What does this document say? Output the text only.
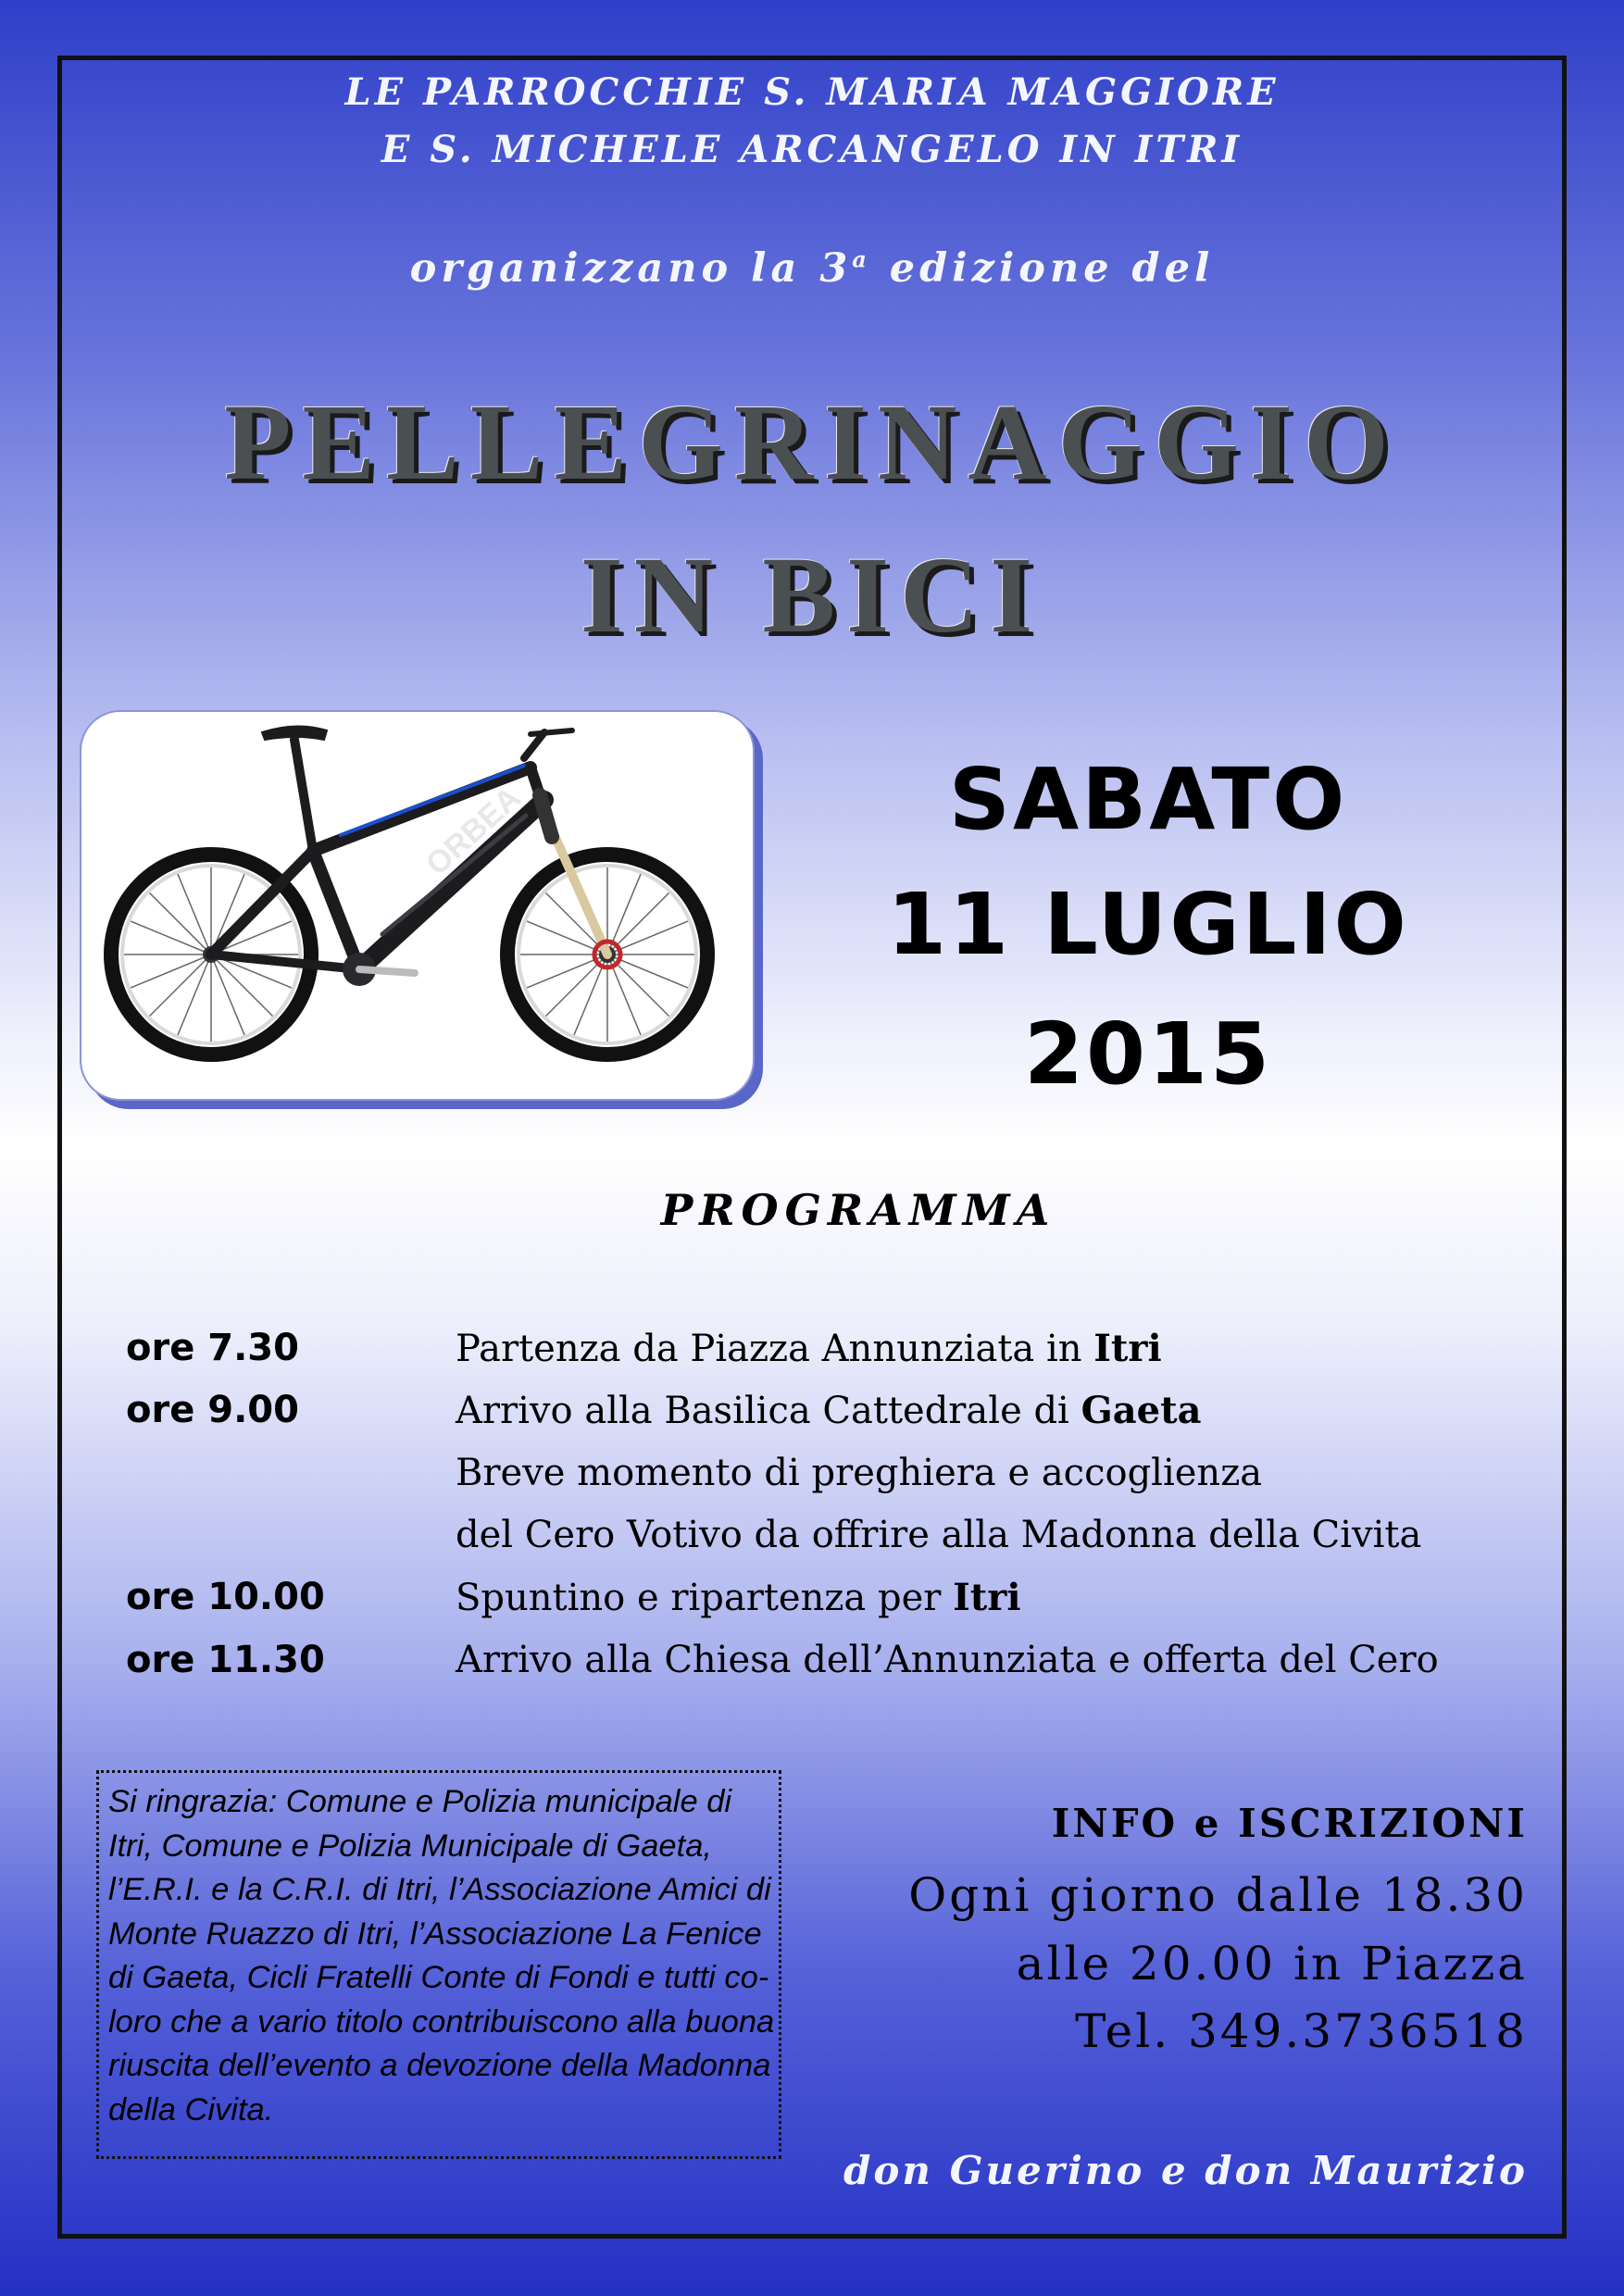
LE PARROCCHIE S. MARIA MAGGIORE
E S. MICHELE ARCANGELO IN ITRI
organizzano la 3$^a$ edizione del
PELLEGRINAGGIO
IN BICI
ORBEA	SABATO
11 LUGLIO
2015
PROGRAMMA
ore 7.30	Partenza da Piazza Annunziata in Itri
ore 9.00	Arrivo alla Basilica Cattedrale di Gaeta
Breve momento di preghiera e accoglienza
del Cero Votivo da offrire alla Madonna della Civita
ore 10.00	Spuntino e ripartenza per Itri
ore 11.30	Arrivo alla Chiesa dell’Annunziata e offerta del Cero
Si ringrazia: Comune e Polizia municipale di
Itri, Comune e Polizia Municipale di Gaeta,
l’E.R.I. e la C.R.I. di Itri, l’Associazione Amici di
Monte Ruazzo di Itri, l’Associazione La Fenice
di Gaeta, Cicli Fratelli Conte di Fondi e tutti co-
loro che a vario titolo contribuiscono alla buona
riuscita dell’evento a devozione della Madonna
della Civita.
INFO e ISCRIZIONI
Ogni giorno dalle 18.30
alle 20.00 in Piazza
Tel. 349.3736518
don Guerino e don Maurizio
